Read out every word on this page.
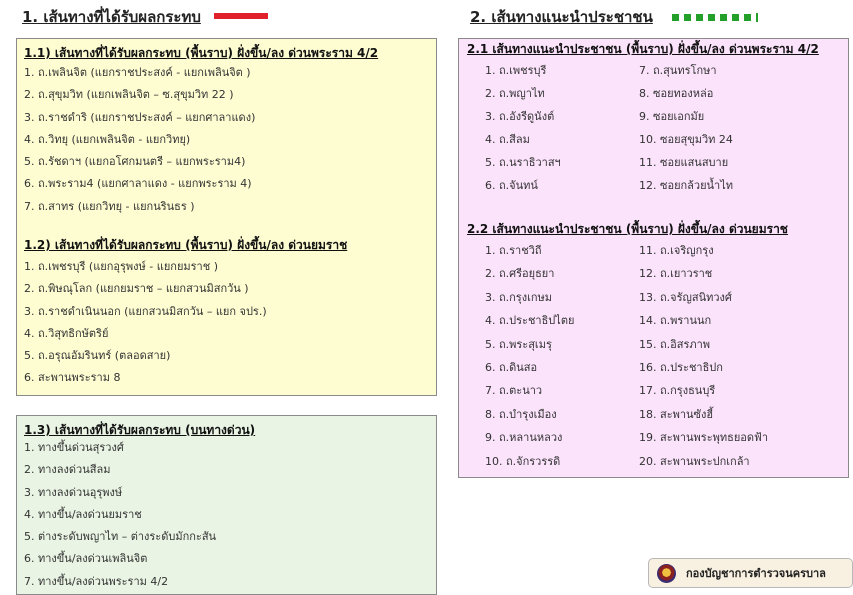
1. เส้นทางที่ได้รับผลกระทบ	2. เส้นทางแนะนำประชาชน
1.1) เส้นทางที่ได้รับผลกระทบ (พื้นราบ) ฝั่งขึ้น/ลง ด่วนพระราม 4/2
1. ถ.เพลินจิต (แยกราชประสงค์ - แยกเพลินจิต )
2. ถ.สุขุมวิท (แยกเพลินจิต – ซ.สุขุมวิท 22 )
3. ถ.ราชดำริ (แยกราชประสงค์ – แยกศาลาแดง)
4. ถ.วิทยุ (แยกเพลินจิต - แยกวิทยุ)
5. ถ.รัชดาฯ (แยกอโศกมนตรี – แยกพระราม4)
6. ถ.พระราม4 (แยกศาลาแดง - แยกพระราม 4)
7. ถ.สาทร (แยกวิทยุ - แยกนรินธร )
1.2) เส้นทางที่ได้รับผลกระทบ (พื้นราบ) ฝั่งขึ้น/ลง ด่วนยมราช
1. ถ.เพชรบุรี (แยกอุรุพงษ์ - แยกยมราช )
2. ถ.พิษณุโลก (แยกยมราช – แยกสวนมิสกวัน )
3. ถ.ราชดำเนินนอก (แยกสวนมิสกวัน – แยก จปร.)
4. ถ.วิสุทธิกษัตริย์
5. ถ.อรุณอัมรินทร์ (ตลอดสาย)
6. สะพานพระราม 8
1.3) เส้นทางที่ได้รับผลกระทบ (บนทางด่วน)
1. ทางขึ้นด่วนสุรวงศ์
2. ทางลงด่วนสีลม
3. ทางลงด่วนอุรุพงษ์
4. ทางขึ้น/ลงด่วนยมราช
5. ต่างระดับพญาไท – ต่างระดับมักกะสัน
6. ทางขึ้น/ลงด่วนเพลินจิต
7. ทางขึ้น/ลงด่วนพระราม 4/2
2.1 เส้นทางแนะนำประชาชน (พื้นราบ) ฝั่งขึ้น/ลง ด่วนพระราม 4/2
1. ถ.เพชรบุรี
2. ถ.พญาไท
3. ถ.อังรีดูนังต์
4. ถ.สีลม
5. ถ.นราธิวาสฯ
6. ถ.จันทน์
7. ถ.สุนทรโกษา
8. ซอยทองหล่อ
9. ซอยเอกมัย
10. ซอยสุขุมวิท 24
11. ซอยแสนสบาย
12. ซอยกล้วยน้ำไท
2.2 เส้นทางแนะนำประชาชน (พื้นราบ) ฝั่งขึ้น/ลง ด่วนยมราช
1. ถ.ราชวิถี
2. ถ.ศรีอยุธยา
3. ถ.กรุงเกษม
4. ถ.ประชาธิปไตย
5. ถ.พระสุเมรุ
6. ถ.ดินสอ
7. ถ.ตะนาว
8. ถ.บำรุงเมือง
9. ถ.หลานหลวง
10. ถ.จักรวรรดิ
11. ถ.เจริญกรุง
12. ถ.เยาวราช
13. ถ.จรัญสนิทวงศ์
14. ถ.พรานนก
15. ถ.อิสรภาพ
16. ถ.ประชาธิปก
17. ถ.กรุงธนบุรี
18. สะพานซังฮี้
19. สะพานพระพุทธยอดฟ้า
20. สะพานพระปกเกล้า
กองบัญชาการตำรวจนครบาล
